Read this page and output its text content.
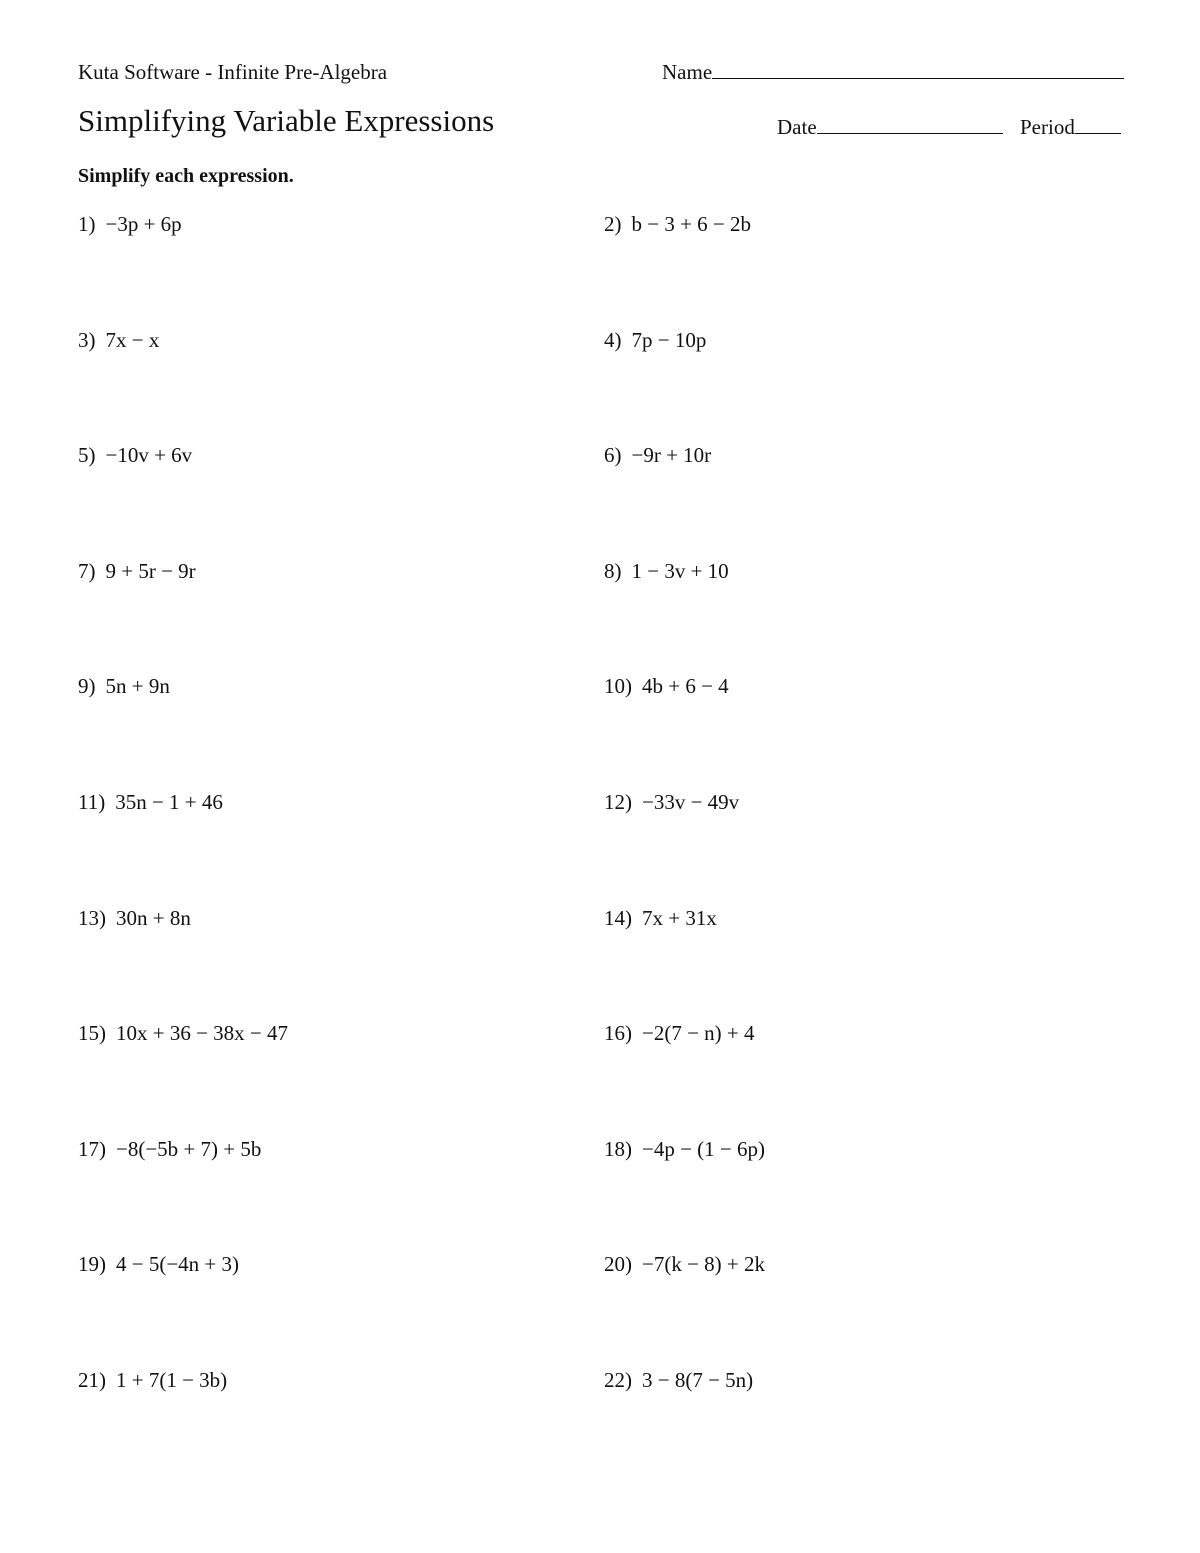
Kuta Software - Infinite Pre-Algebra	Name
Simplifying Variable Expressions	Date	Period
Simplify each expression.
1) −3p + 6p	2) b − 3 + 6 − 2b
3) 7x − x	4) 7p − 10p
5) −10v + 6v	6) −9r + 10r
7) 9 + 5r − 9r	8) 1 − 3v + 10
9) 5n + 9n	10) 4b + 6 − 4
11) 35n − 1 + 46	12) −33v − 49v
13) 30n + 8n	14) 7x + 31x
15) 10x + 36 − 38x − 47	16) −2(7 − n) + 4
17) −8(−5b + 7) + 5b	18) −4p − (1 − 6p)
19) 4 − 5(−4n + 3)	20) −7(k − 8) + 2k
21) 1 + 7(1 − 3b)	22) 3 − 8(7 − 5n)
